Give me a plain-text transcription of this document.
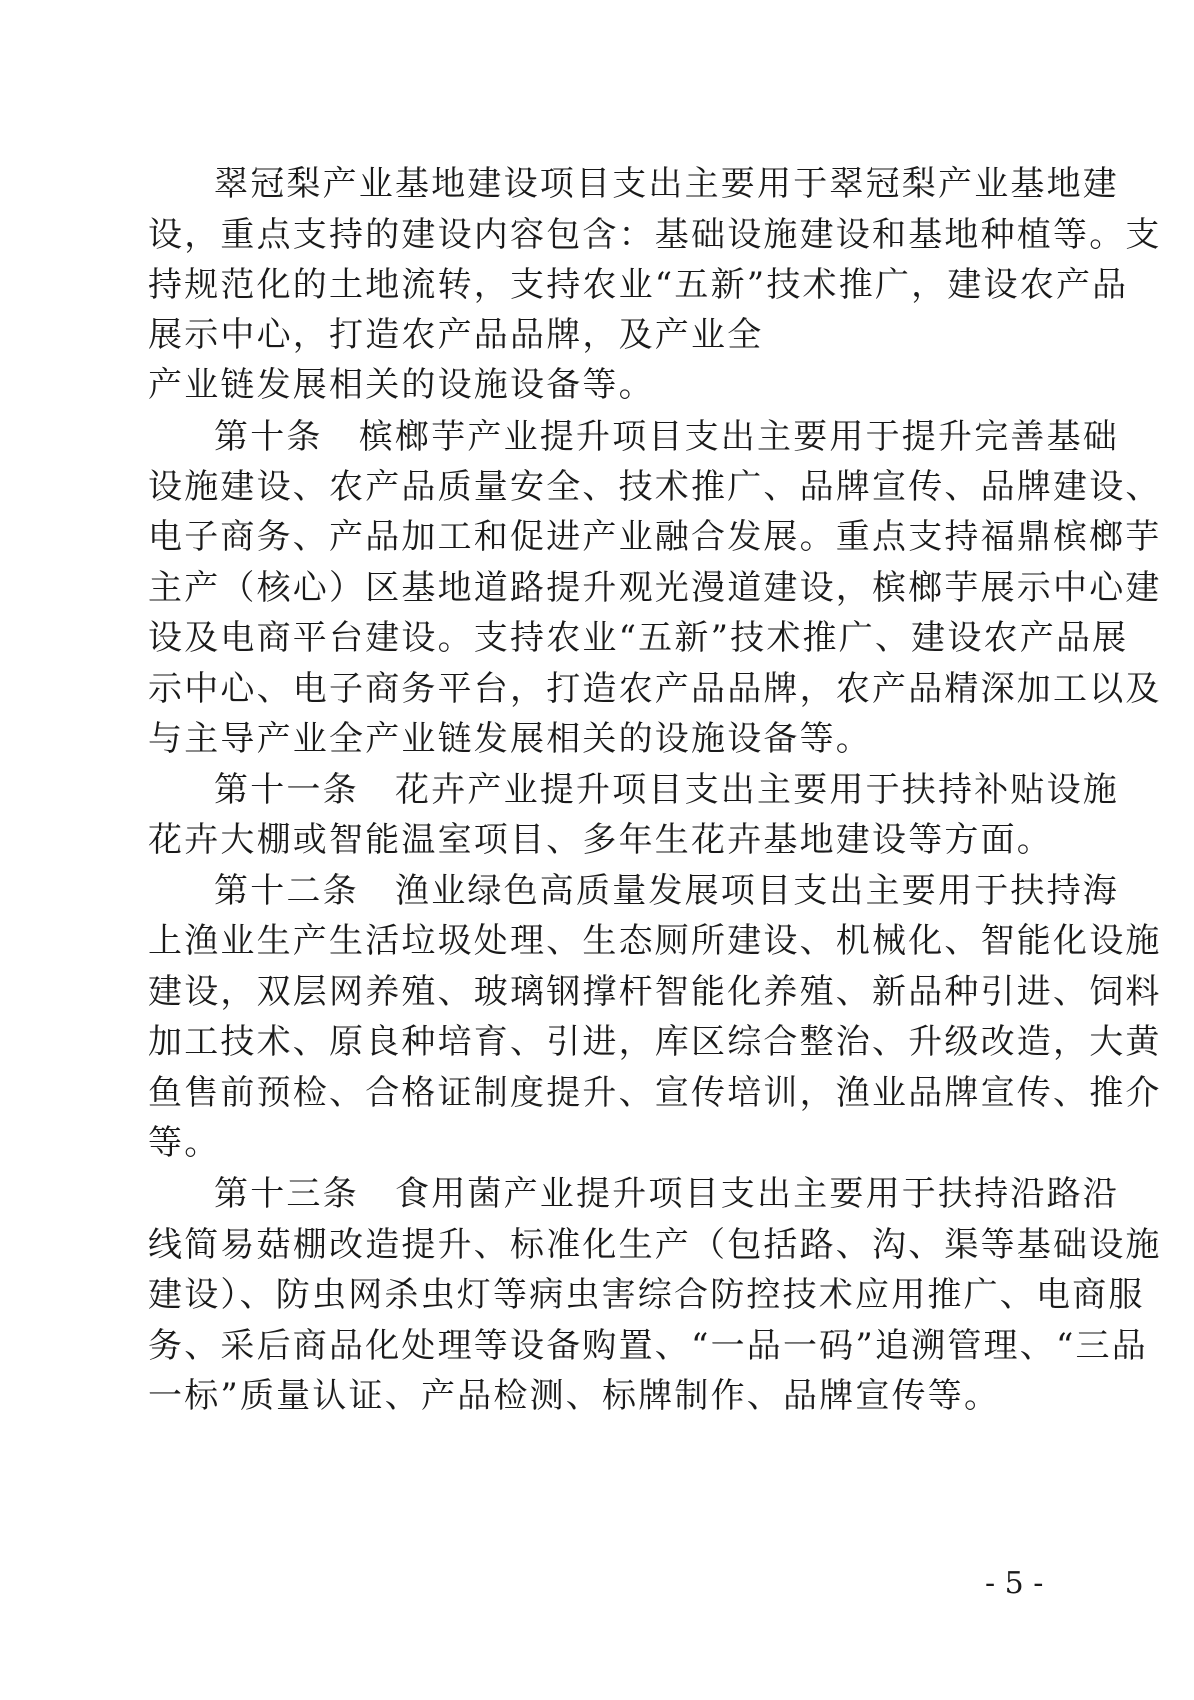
翠冠梨产业基地建设项目支出主要用于翠冠梨产业基地建
设，重点支持的建设内容包含：基础设施建设和基地种植等。支
持规范化的土地流转，支持农业“五新”技术推广，建设农产品
展示中心，打造农产品品牌，及产业全
产业链发展相关的设施设备等。
第十条　槟榔芋产业提升项目支出主要用于提升完善基础
设施建设、农产品质量安全、技术推广、品牌宣传、品牌建设、
电子商务、产品加工和促进产业融合发展。重点支持福鼎槟榔芋
主产（核心）区基地道路提升观光漫道建设，槟榔芋展示中心建
设及电商平台建设。支持农业“五新”技术推广、建设农产品展
示中心、电子商务平台，打造农产品品牌，农产品精深加工以及
与主导产业全产业链发展相关的设施设备等。
第十一条　花卉产业提升项目支出主要用于扶持补贴设施
花卉大棚或智能温室项目、多年生花卉基地建设等方面。
第十二条　渔业绿色高质量发展项目支出主要用于扶持海
上渔业生产生活垃圾处理、生态厕所建设、机械化、智能化设施
建设，双层网养殖、玻璃钢撑杆智能化养殖、新品种引进、饲料
加工技术、原良种培育、引进，库区综合整治、升级改造，大黄
鱼售前预检、合格证制度提升、宣传培训，渔业品牌宣传、推介
等。
第十三条　食用菌产业提升项目支出主要用于扶持沿路沿
线简易菇棚改造提升、标准化生产（包括路、沟、渠等基础设施
建设）、防虫网杀虫灯等病虫害综合防控技术应用推广、电商服
务、采后商品化处理等设备购置、“一品一码”追溯管理、“三品
一标”质量认证、产品检测、标牌制作、品牌宣传等。
- 5 -
